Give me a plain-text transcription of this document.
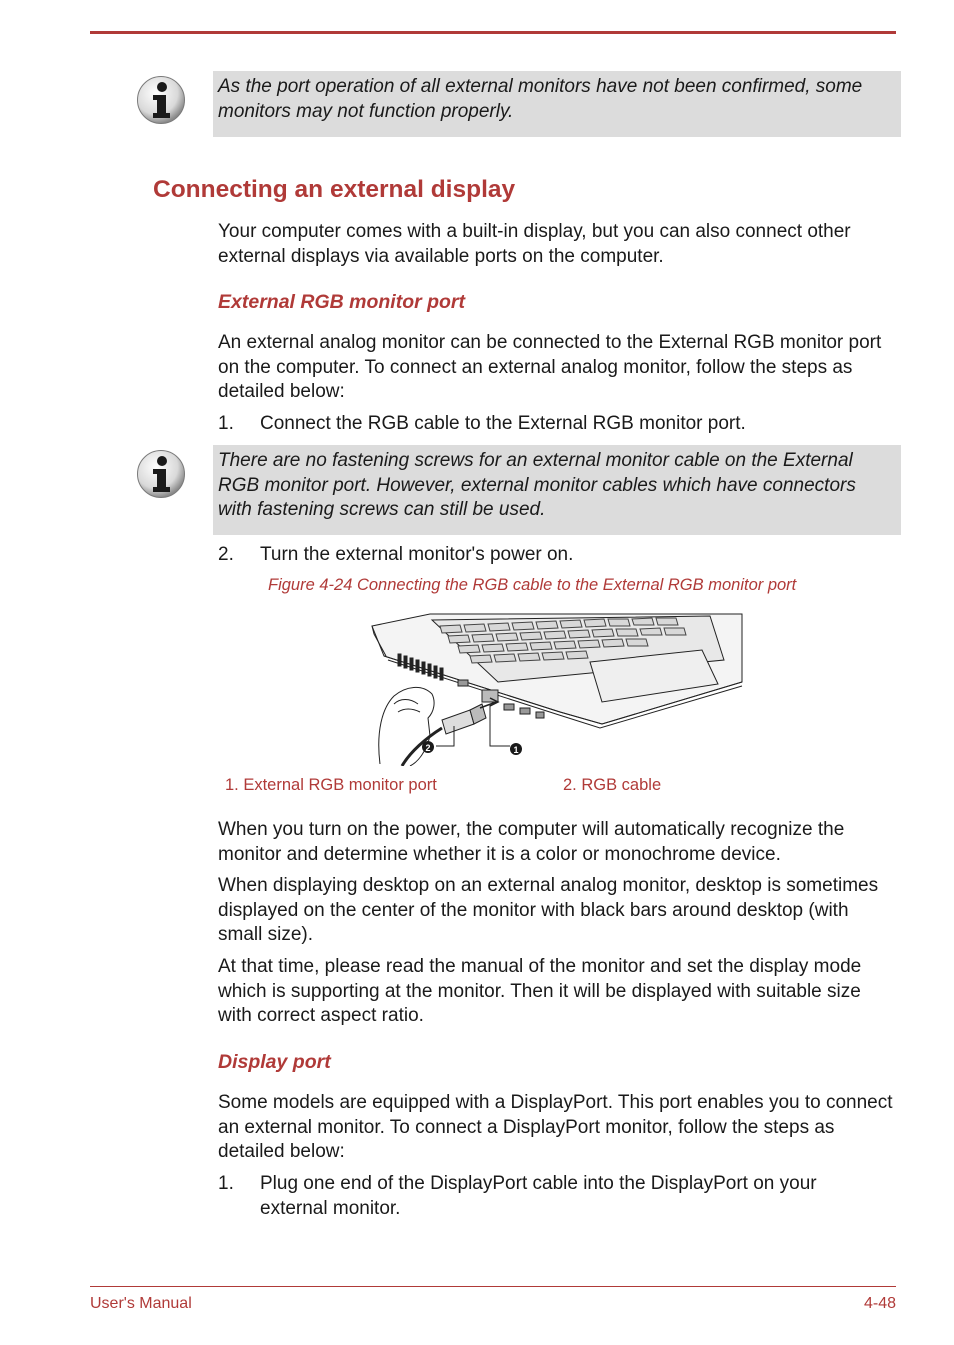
As the port operation of all external monitors have not been confirmed, some monitors may not function properly.
Connecting an external display
Your computer comes with a built-in display, but you can also connect other external displays via available ports on the computer.
External RGB monitor port
An external analog monitor can be connected to the External RGB monitor port on the computer. To connect an external analog monitor, follow the steps as detailed below:
1. Connect the RGB cable to the External RGB monitor port.
There are no fastening screws for an external monitor cable on the External RGB monitor port. However, external monitor cables which have connectors with fastening screws can still be used.
2. Turn the external monitor's power on.
Figure 4-24 Connecting the RGB cable to the External RGB monitor port
1
2
1. External RGB monitor port	2. RGB cable
When you turn on the power, the computer will automatically recognize the monitor and determine whether it is a color or monochrome device.
When displaying desktop on an external analog monitor, desktop is sometimes displayed on the center of the monitor with black bars around desktop (with small size).
At that time, please read the manual of the monitor and set the display mode which is supporting at the monitor. Then it will be displayed with suitable size with correct aspect ratio.
Display port
Some models are equipped with a DisplayPort. This port enables you to connect an external monitor. To connect a DisplayPort monitor, follow the steps as detailed below:
1. Plug one end of the DisplayPort cable into the DisplayPort on your external monitor.
User's Manual	4-48
